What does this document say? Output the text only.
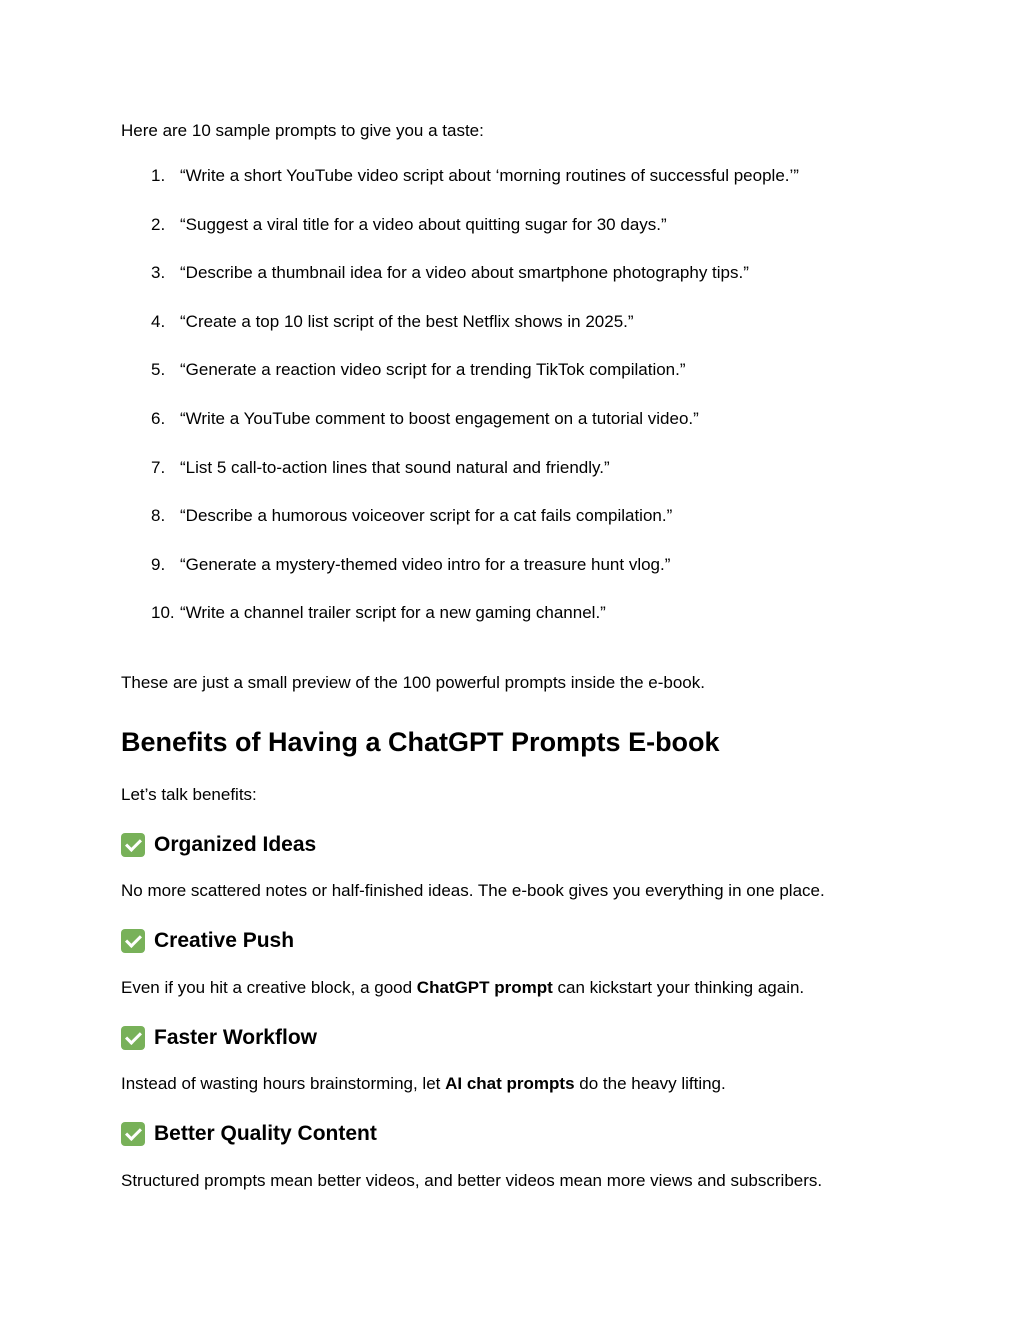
Here are 10 sample prompts to give you a taste:
1. “Write a short YouTube video script about ‘morning routines of successful people.’”
2. “Suggest a viral title for a video about quitting sugar for 30 days.”
3. “Describe a thumbnail idea for a video about smartphone photography tips.”
4. “Create a top 10 list script of the best Netflix shows in 2025.”
5. “Generate a reaction video script for a trending TikTok compilation.”
6. “Write a YouTube comment to boost engagement on a tutorial video.”
7. “List 5 call-to-action lines that sound natural and friendly.”
8. “Describe a humorous voiceover script for a cat fails compilation.”
9. “Generate a mystery-themed video intro for a treasure hunt vlog.”
10. “Write a channel trailer script for a new gaming channel.”
These are just a small preview of the 100 powerful prompts inside the e-book.
Benefits of Having a ChatGPT Prompts E-book
Let’s talk benefits:
Organized Ideas
No more scattered notes or half-finished ideas. The e-book gives you everything in one place.
Creative Push
Even if you hit a creative block, a good ChatGPT prompt can kickstart your thinking again.
Faster Workflow
Instead of wasting hours brainstorming, let AI chat prompts do the heavy lifting.
Better Quality Content
Structured prompts mean better videos, and better videos mean more views and subscribers.
